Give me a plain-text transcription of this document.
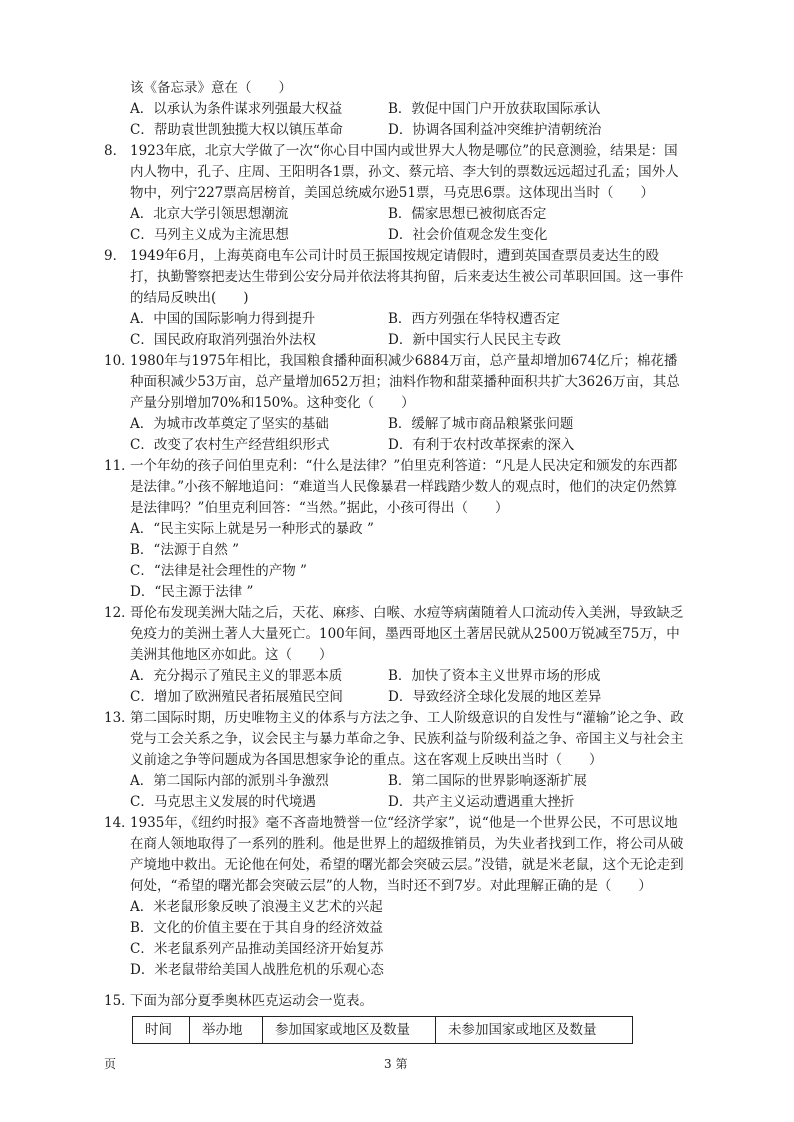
该《备忘录》意在（　　）

A．以承认为条件谋求列强最大权益	B．敦促中国门户开放获取国际承认
C．帮助袁世凯独揽大权以镇压革命	D．协调各国利益冲突维护清朝统治

8． 1923年底，北京大学做了一次“你心目中国内或世界大人物是哪位”的民意测验，结果是：国内人物中，孔子、庄周、王阳明各1票，孙文、蔡元培、李大钊的票数远远超过孔孟；国外人物中，列宁227票高居榜首，美国总统威尔逊51票，马克思6票。这体现出当时（　　）

A．北京大学引领思想潮流	B．儒家思想已被彻底否定
C．马列主义成为主流思想	D．社会价值观念发生变化

9． 1949年6月，上海英商电车公司计时员王振国按规定请假时，遭到英国查票员麦达生的殴打，执勤警察把麦达生带到公安分局并依法将其拘留，后来麦达生被公司革职回国。这一事件的结局反映出(　　)

A．中国的国际影响力得到提升	B．西方列强在华特权遭否定
C．国民政府取消列强治外法权	D．新中国实行人民民主专政

10．1980年与1975年相比，我国粮食播种面积减少6884万亩，总产量却增加674亿斤；棉花播种面积减少53万亩，总产量增加652万担；油料作物和甜菜播种面积共扩大3626万亩，其总产量分别增加70%和150%。这种变化（　　）

A．为城市改革奠定了坚实的基础	B．缓解了城市商品粮紧张问题
C．改变了农村生产经营组织形式	D．有利于农村改革探索的深入

11．一个年幼的孩子问伯里克利：“什么是法律？”伯里克利答道：“凡是人民决定和颁发的东西都是法律。”小孩不解地追问：“难道当人民像暴君一样践踏少数人的观点时，他们的决定仍然算是法律吗？”伯里克利回答：“当然。”据此，小孩可得出（　　）

A．“民主实际上就是另一种形式的暴政 ”
B．“法源于自然 ”
C．“法律是社会理性的产物 ”
D．“民主源于法律 ”

12．哥伦布发现美洲大陆之后，天花、麻疹、白喉、水痘等病菌随着人口流动传入美洲，导致缺乏免疫力的美洲土著人大量死亡。100年间，墨西哥地区土著居民就从2500万锐减至75万，中美洲其他地区亦如此。这（　　）

A．充分揭示了殖民主义的罪恶本质	B．加快了资本主义世界市场的形成
C．增加了欧洲殖民者拓展殖民空间	D．导致经济全球化发展的地区差异

13．第二国际时期，历史唯物主义的体系与方法之争、工人阶级意识的自发性与“灌输”论之争、政党与工会关系之争，议会民主与暴力革命之争、民族利益与阶级利益之争、帝国主义与社会主义前途之争等问题成为各国思想家争论的重点。这在客观上反映出当时（　　）

A．第二国际内部的派别斗争激烈	B．第二国际的世界影响逐渐扩展
C．马克思主义发展的时代境遇	D．共产主义运动遭遇重大挫折

14．1935年，《纽约时报》毫不吝啬地赞誉一位“经济学家”，说“他是一个世界公民，不可思议地在商人领地取得了一系列的胜利。他是世界上的超级推销员，为失业者找到工作，将公司从破产境地中救出。无论他在何处，希望的曙光都会突破云层。”没错，就是米老鼠，这个无论走到何处，“希望的曙光都会突破云层”的人物，当时还不到7岁。对此理解正确的是（　　）

A．米老鼠形象反映了浪漫主义艺术的兴起
B．文化的价值主要在于其自身的经济效益
C．米老鼠系列产品推动美国经济开始复苏
D．米老鼠带给美国人战胜危机的乐观心态

15．下面为部分夏季奥林匹克运动会一览表。

时间	举办地	参加国家或地区及数量	未参加国家或地区及数量
页	3 第
